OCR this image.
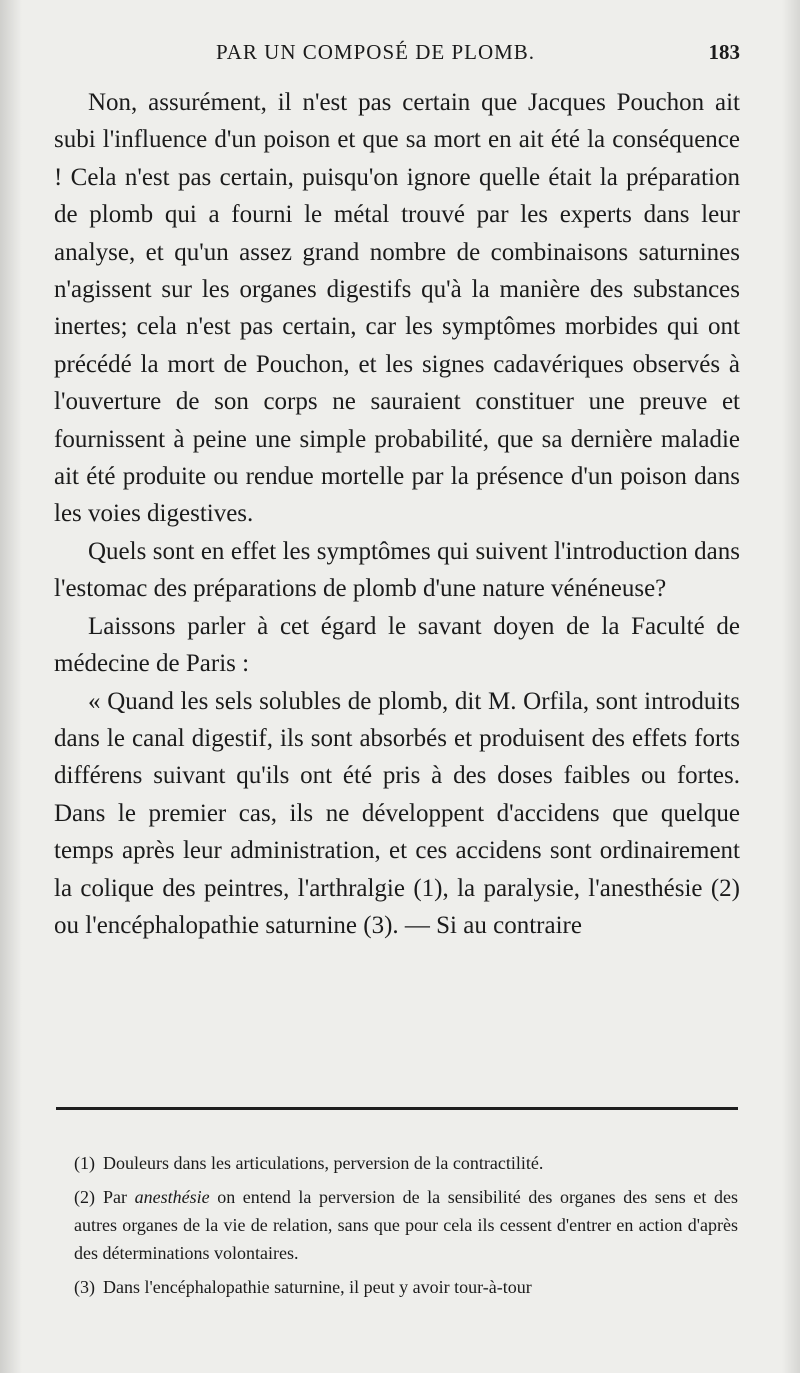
PAR UN COMPOSÉ DE PLOMB.	183

Non, assurément, il n'est pas certain que Jacques Pouchon ait subi l'influence d'un poison et que sa mort en ait été la conséquence ! Cela n'est pas certain, puisqu'on ignore quelle était la préparation de plomb qui a fourni le métal trouvé par les experts dans leur analyse, et qu'un assez grand nombre de combinaisons saturnines n'agissent sur les organes digestifs qu'à la manière des substances inertes; cela n'est pas certain, car les symptômes morbides qui ont précédé la mort de Pouchon, et les signes cadavériques observés à l'ouverture de son corps ne sauraient constituer une preuve et fournissent à peine une simple probabilité, que sa dernière maladie ait été produite ou rendue mortelle par la présence d'un poison dans les voies digestives.

Quels sont en effet les symptômes qui suivent l'introduction dans l'estomac des préparations de plomb d'une nature vénéneuse?

Laissons parler à cet égard le savant doyen de la Faculté de médecine de Paris :

« Quand les sels solubles de plomb, dit M. Orfila, sont introduits dans le canal digestif, ils sont absorbés et produisent des effets forts différens suivant qu'ils ont été pris à des doses faibles ou fortes. Dans le premier cas, ils ne développent d'accidens que quelque temps après leur administration, et ces accidens sont ordinairement la colique des peintres, l'arthralgie (1), la paralysie, l'anesthésie (2) ou l'encéphalopathie saturnine (3). — Si au contraire

(1) Douleurs dans les articulations, perversion de la contractilité.

(2) Par anesthésie on entend la perversion de la sensibilité des organes des sens et des autres organes de la vie de relation, sans que pour cela ils cessent d'entrer en action d'après des déterminations volontaires.

(3) Dans l'encéphalopathie saturnine, il peut y avoir tour-à-tour
